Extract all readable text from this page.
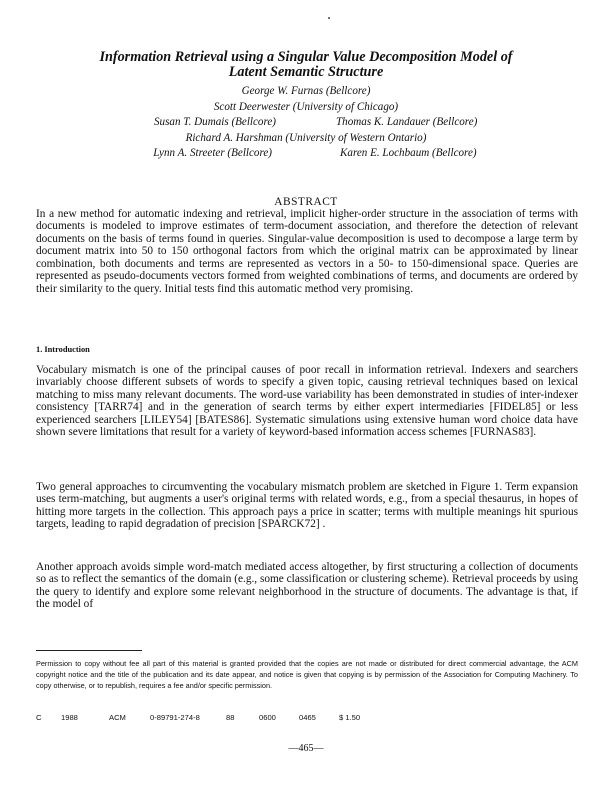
Information Retrieval using a Singular Value Decomposition Model of
Latent Semantic Structure
George W. Furnas (Bellcore)
Scott Deerwester (University of Chicago)
Susan T. Dumais (Bellcore)	Thomas K. Landauer (Bellcore)
Richard A. Harshman (University of Western Ontario)
Lynn A. Streeter (Bellcore)	Karen E. Lochbaum (Bellcore)
ABSTRACT

In a new method for automatic indexing and retrieval, implicit higher-order structure in the association of terms with documents is modeled to improve estimates of term-document association, and therefore the detection of relevant documents on the basis of terms found in queries. Singular-value decomposition is used to decompose a large term by document matrix into 50 to 150 orthogonal factors from which the original matrix can be approximated by linear combination, both documents and terms are represented as vectors in a 50- to 150-dimensional space. Queries are represented as pseudo-documents vectors formed from weighted combinations of terms, and documents are ordered by their similarity to the query. Initial tests find this automatic method very promising.

1. Introduction

Vocabulary mismatch is one of the principal causes of poor recall in information retrieval. Indexers and searchers invariably choose different subsets of words to specify a given topic, causing retrieval techniques based on lexical matching to miss many relevant documents. The word-use variability has been demonstrated in studies of inter-indexer consistency [TARR74] and in the generation of search terms by either expert intermediaries [FIDEL85] or less experienced searchers [LILEY54] [BATES86]. Systematic simulations using extensive human word choice data have shown severe limitations that result for a variety of keyword-based information access schemes [FURNAS83].

Two general approaches to circumventing the vocabulary mismatch problem are sketched in Figure 1. Term expansion uses term-matching, but augments a user's original terms with related words, e.g., from a special thesaurus, in hopes of hitting more targets in the collection. This approach pays a price in scatter; terms with multiple meanings hit spurious targets, leading to rapid degradation of precision [SPARCK72] .

Another approach avoids simple word-match mediated access altogether, by first structuring a collection of documents so as to reflect the semantics of the domain (e.g., some classification or clustering scheme). Retrieval proceeds by using the query to identify and explore some relevant neighborhood in the structure of documents. The advantage is that, if the model of

Permission to copy without fee all part of this material is granted provided that the copies are not made or distributed for direct commercial advantage, the ACM copyright notice and the title of the publication and its date appear, and notice is given that copying is by permission of the Association for Computing Machinery. To copy otherwise, or to republish, requires a fee and/or specific permission.

C	1988	ACM	0-89791-274-8	88	0600	0465	$ 1.50
—465—
